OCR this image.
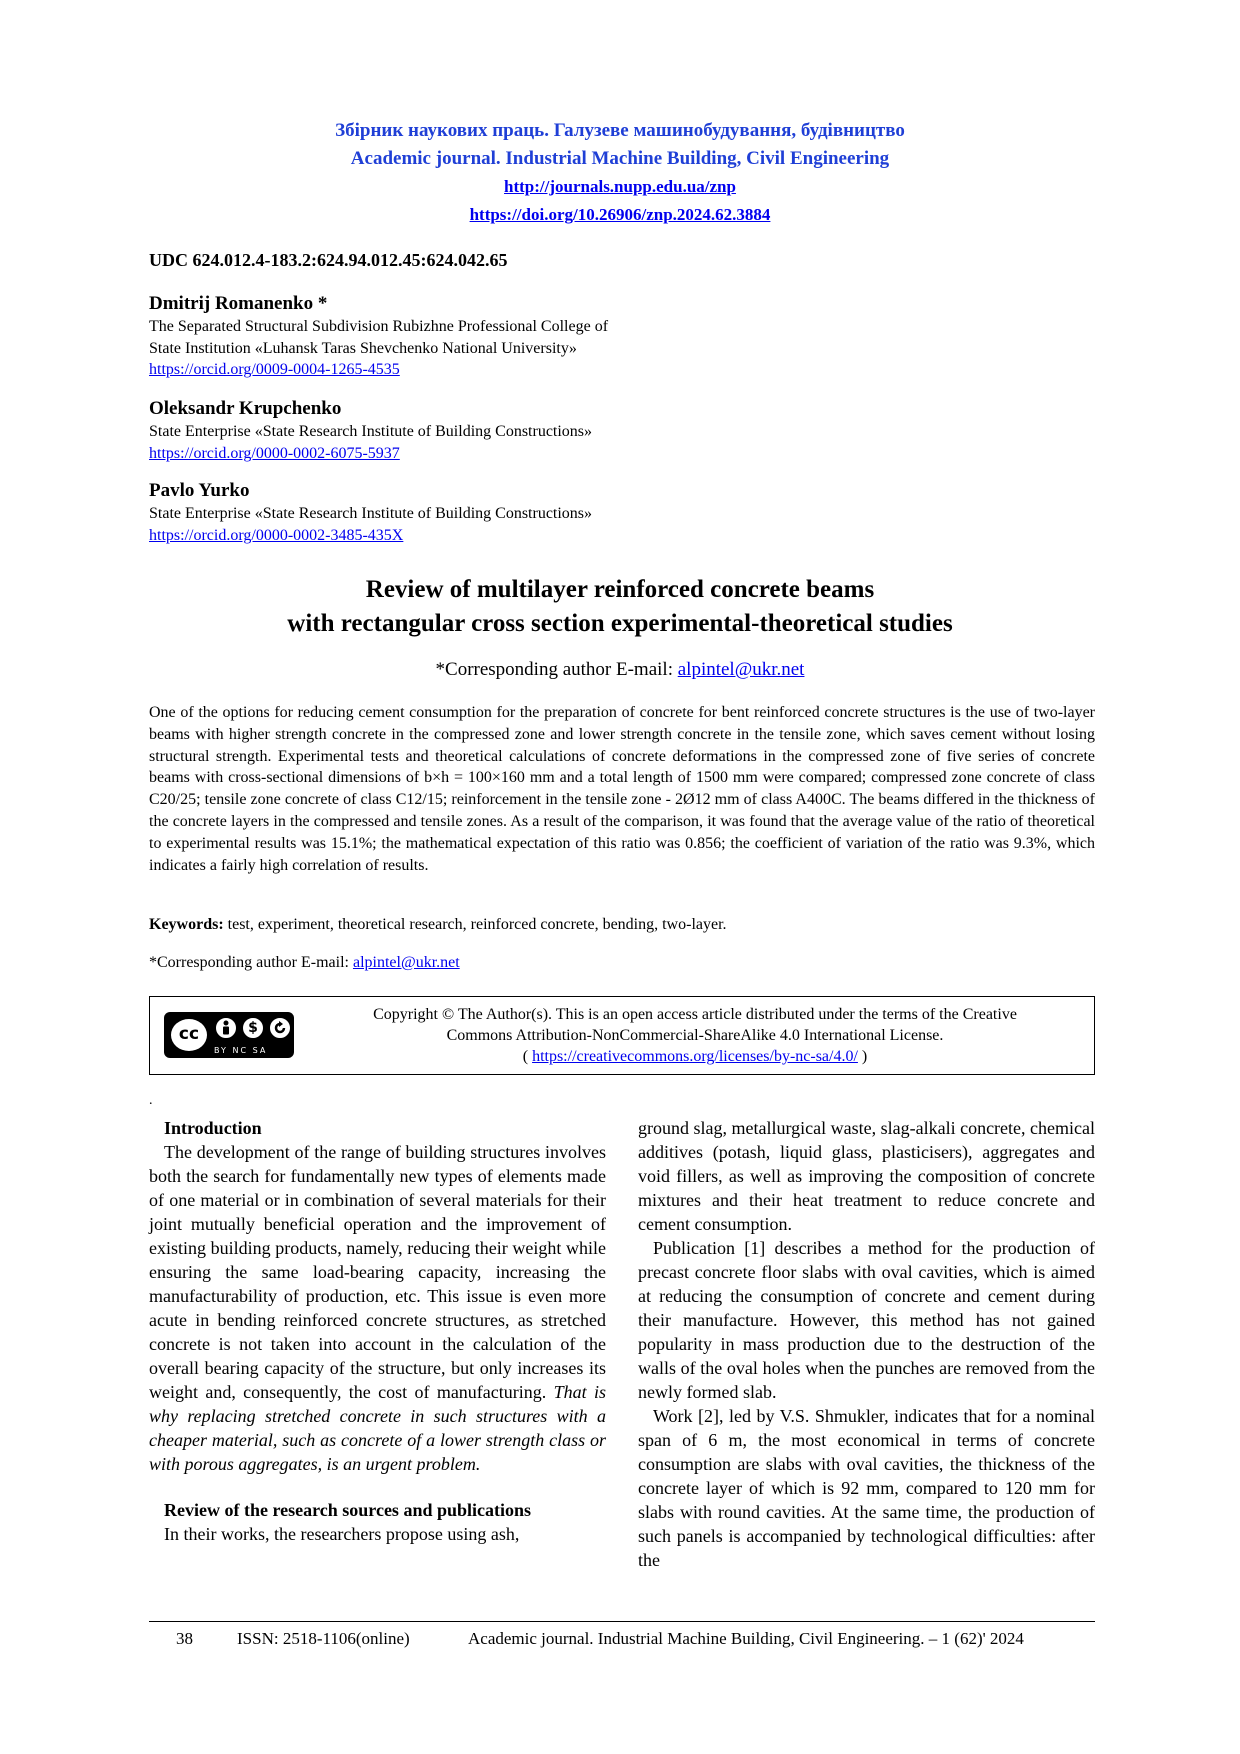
Збірник наукових праць. Галузеве машинобудування, будівництво
Academic journal. Industrial Machine Building, Civil Engineering
http://journals.nupp.edu.ua/znp
https://doi.org/10.26906/znp.2024.62.3884
UDC 624.012.4-183.2:624.94.012.45:624.042.65
Dmitrij Romanenko *
The Separated Structural Subdivision Rubizhne Professional College of
State Institution «Luhansk Taras Shevchenko National University»
https://orcid.org/0009-0004-1265-4535
Oleksandr Krupchenko
State Enterprise «State Research Institute of Building Constructions»
https://orcid.org/0000-0002-6075-5937
Pavlo Yurko
State Enterprise «State Research Institute of Building Constructions»
https://orcid.org/0000-0002-3485-435X
Review of multilayer reinforced concrete beams
with rectangular cross section experimental-theoretical studies
*Corresponding author E-mail: alpintel@ukr.net
One of the options for reducing cement consumption for the preparation of concrete for bent reinforced concrete structures is the use of two-layer beams with higher strength concrete in the compressed zone and lower strength concrete in the tensile zone, which saves cement without losing structural strength. Experimental tests and theoretical calculations of concrete deformations in the compressed zone of five series of concrete beams with cross-sectional dimensions of b×h = 100×160 mm and a total length of 1500 mm were compared; compressed zone concrete of class C20/25; tensile zone concrete of class C12/15; reinforcement in the tensile zone - 2Ø12 mm of class A400C. The beams differed in the thickness of the concrete layers in the compressed and tensile zones. As a result of the comparison, it was found that the average value of the ratio of theoretical to experimental results was 15.1%; the mathematical expectation of this ratio was 0.856; the coefficient of variation of the ratio was 9.3%, which indicates a fairly high correlation of results.
Keywords: test, experiment, theoretical research, reinforced concrete, bending, two-layer.
*Corresponding author E-mail: alpintel@ukr.net
cc	$
BY NC SA
Copyright © The Author(s). This is an open access article distributed under the terms of the Creative
Commons Attribution-NonCommercial-ShareAlike 4.0 International License.
( https://creativecommons.org/licenses/by-nc-sa/4.0/ )
.
Introduction

The development of the range of building structures involves both the search for fundamentally new types of elements made of one material or in combination of several materials for their joint mutually beneficial operation and the improvement of existing building products, namely, reducing their weight while ensuring the same load-bearing capacity, increasing the manufacturability of production, etc. This issue is even more acute in bending reinforced concrete structures, as stretched concrete is not taken into account in the calculation of the overall bearing capacity of the structure, but only increases its weight and, consequently, the cost of manufacturing. That is why replacing stretched concrete in such structures with a cheaper material, such as concrete of a lower strength class or with porous aggregates, is an urgent problem.

Review of the research sources and publications

In their works, the researchers propose using ash,

ground slag, metallurgical waste, slag-alkali concrete, chemical additives (potash, liquid glass, plasticisers), aggregates and void fillers, as well as improving the composition of concrete mixtures and their heat treatment to reduce concrete and cement consumption.

Publication [1] describes a method for the production of precast concrete floor slabs with oval cavities, which is aimed at reducing the consumption of concrete and cement during their manufacture. However, this method has not gained popularity in mass production due to the destruction of the walls of the oval holes when the punches are removed from the newly formed slab.

Work [2], led by V.S. Shmukler, indicates that for a nominal span of 6 m, the most economical in terms of concrete consumption are slabs with oval cavities, the thickness of the concrete layer of which is 92 mm, compared to 120 mm for slabs with round cavities. At the same time, the production of such panels is accompanied by technological difficulties: after the

38	ISSN: 2518-1106(online)	Academic journal. Industrial Machine Building, Civil Engineering. – 1 (62)' 2024
